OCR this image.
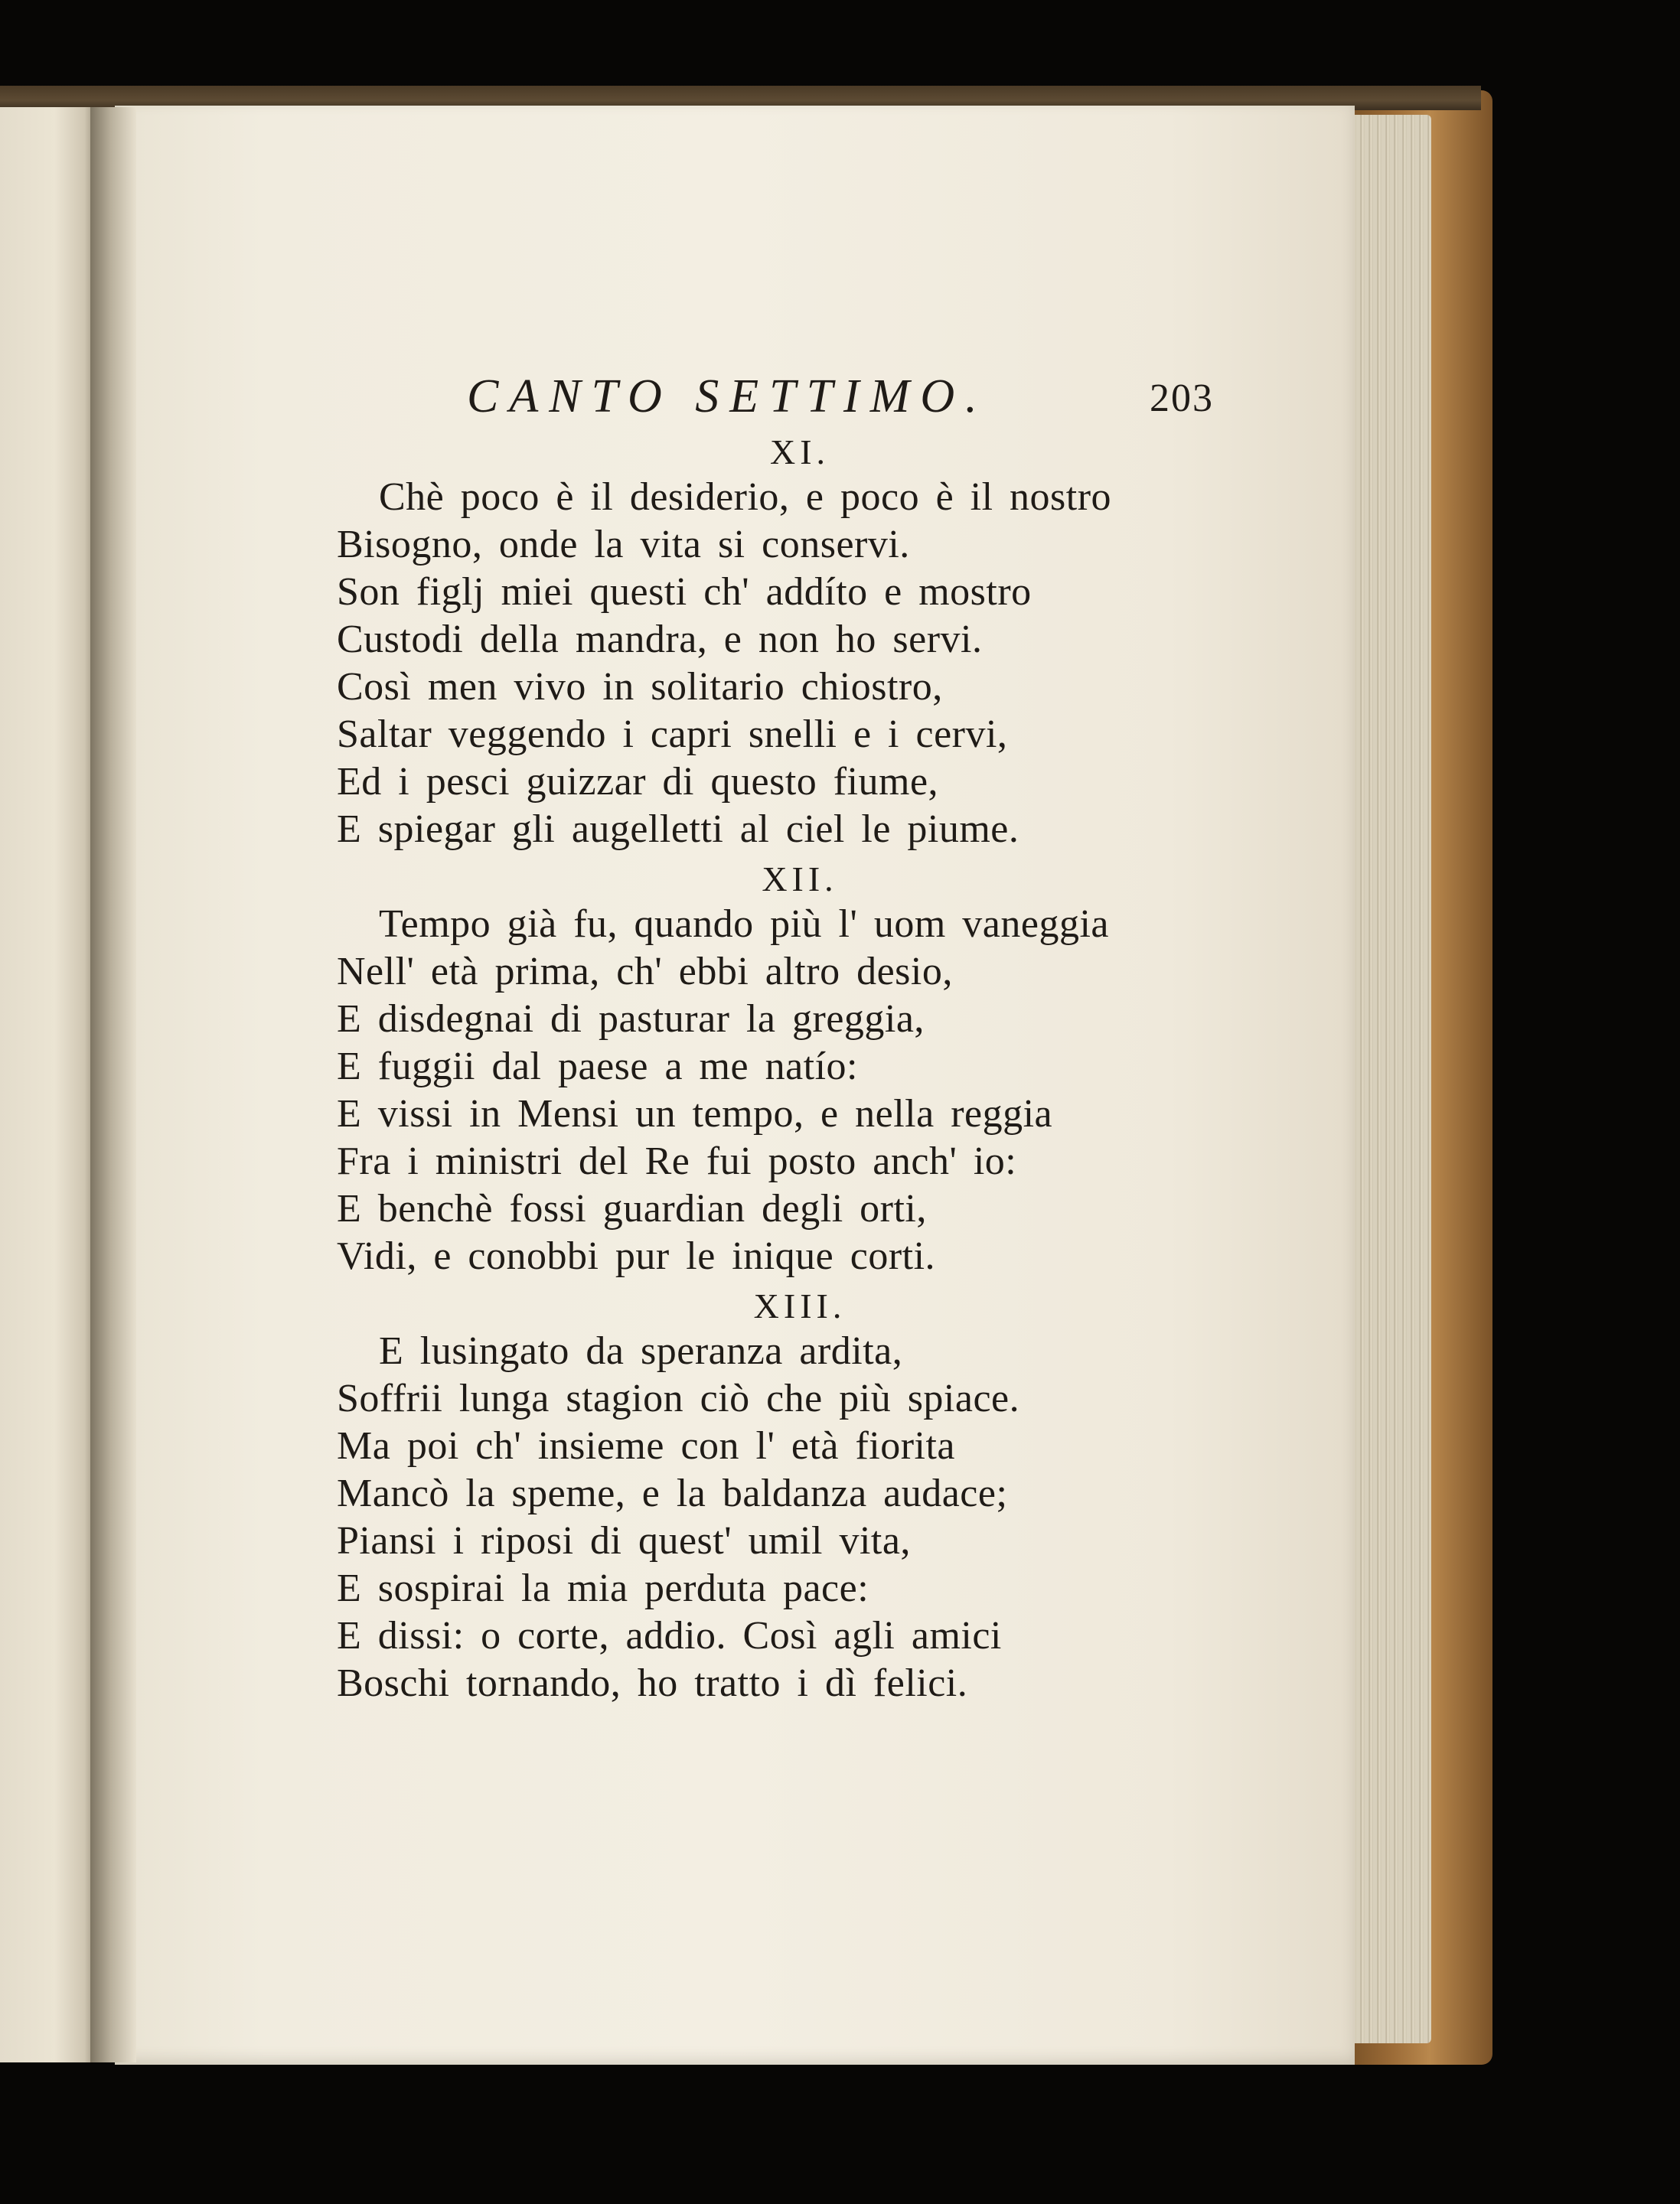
CANTO SETTIMO.	203
XI.
Chè poco è il desiderio, e poco è il nostro
Bisogno, onde la vita si conservi.
Son figlj miei questi ch' addíto e mostro
Custodi della mandra, e non ho servi.
Così men vivo in solitario chiostro,
Saltar veggendo i capri snelli e i cervi,
Ed i pesci guizzar di questo fiume,
E spiegar gli augelletti al ciel le piume.
XII.
Tempo già fu, quando più l' uom vaneggia
Nell' età prima, ch' ebbi altro desio,
E disdegnai di pasturar la greggia,
E fuggii dal paese a me natío:
E vissi in Mensi un tempo, e nella reggia
Fra i ministri del Re fui posto anch' io:
E benchè fossi guardian degli orti,
Vidi, e conobbi pur le inique corti.
XIII.
E lusingato da speranza ardita,
Soffrii lunga stagion ciò che più spiace.
Ma poi ch' insieme con l' età fiorita
Mancò la speme, e la baldanza audace;
Piansi i riposi di quest' umil vita,
E sospirai la mia perduta pace:
E dissi: o corte, addio. Così agli amici
Boschi tornando, ho tratto i dì felici.
